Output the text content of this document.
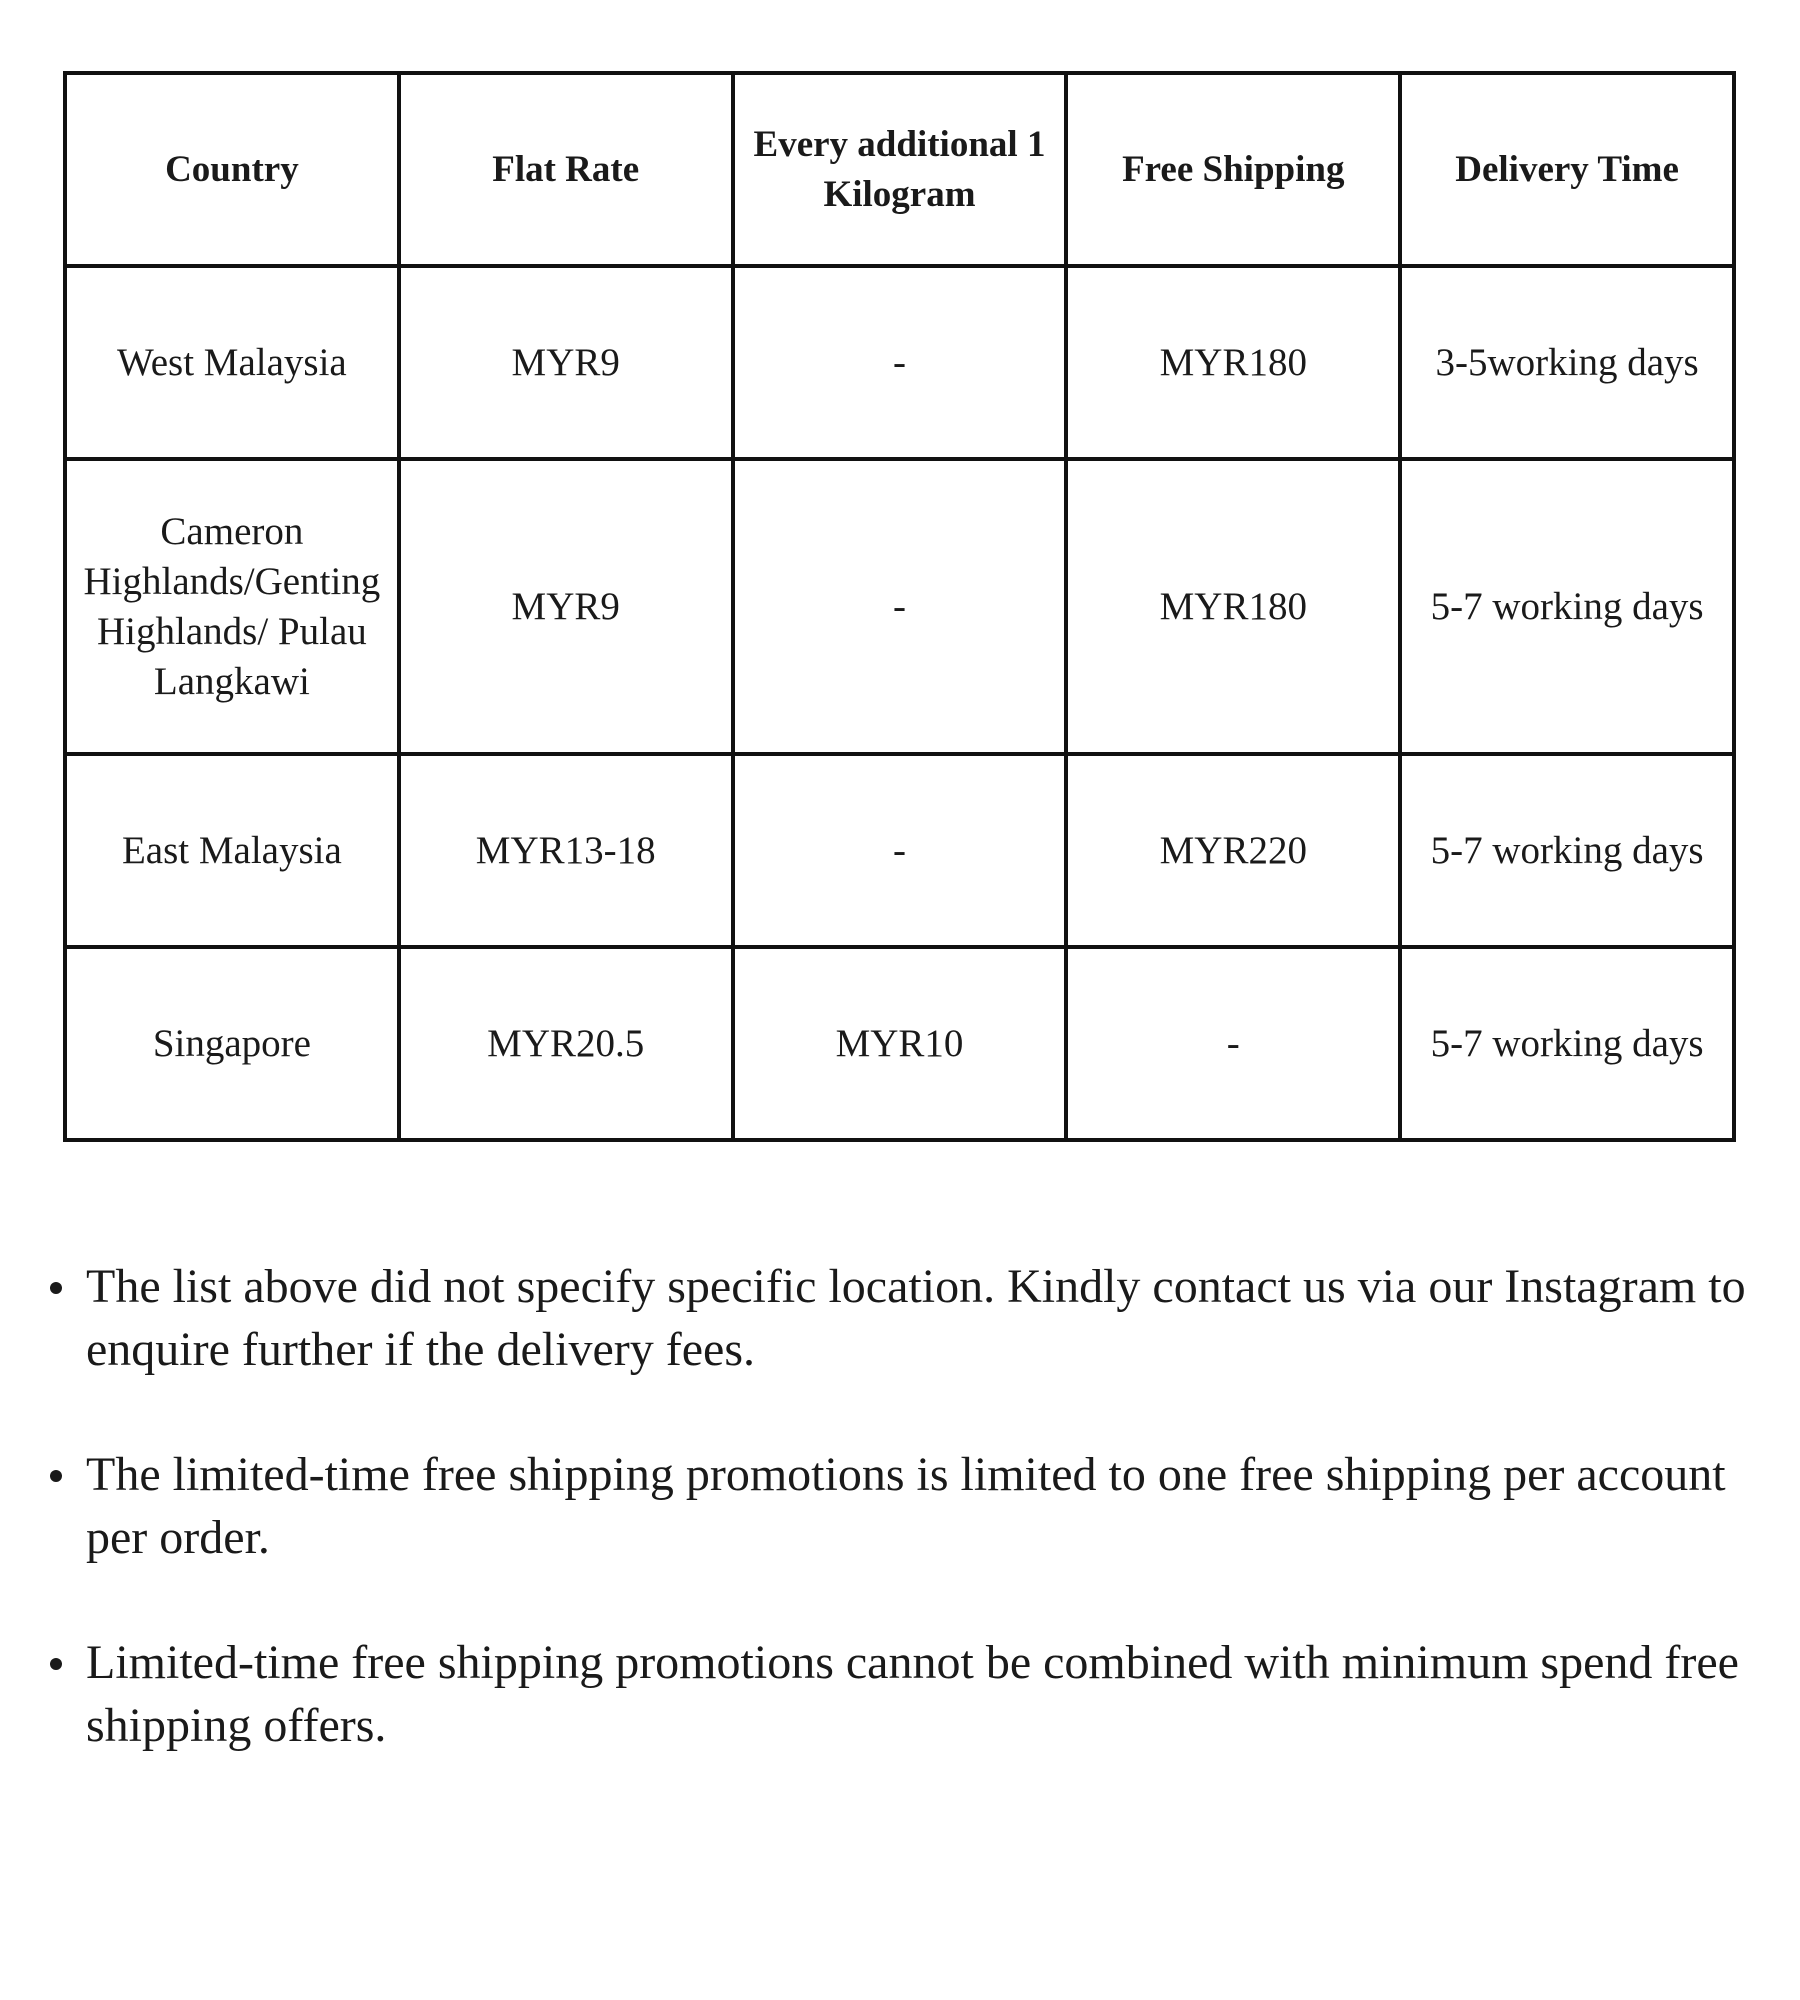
Country	Flat Rate	Every additional 1 Kilogram	Free Shipping	Delivery Time
West Malaysia	MYR9	-	MYR180	3-5working days
Cameron Highlands/Genting Highlands/ Pulau Langkawi	MYR9	-	MYR180	5-7 working days
East Malaysia	MYR13-18	-	MYR220	5-7 working days
Singapore	MYR20.5	MYR10	-	5-7 working days
The list above did not specify specific location. Kindly contact us via our Instagram to enquire further if the delivery fees.
The limited-time free shipping promotions is limited to one free shipping per account per order.
Limited-time free shipping promotions cannot be combined with minimum spend free shipping offers.
